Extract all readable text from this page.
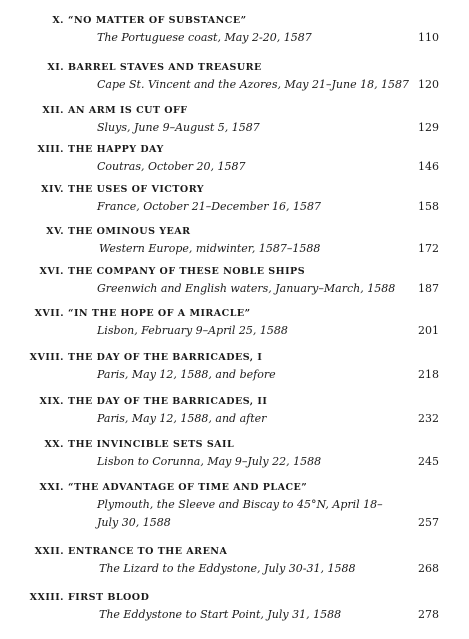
X. “NO MATTER OF SUBSTANCE”
The Portuguese coast, May 2-20, 1587	110
XI. BARREL STAVES AND TREASURE
Cape St. Vincent and the Azores, May 21–June 18, 1587 120
XII. AN ARM IS CUT OFF
Sluys, June 9–August 5, 1587	129
XIII. THE HAPPY DAY
Coutras, October 20, 1587	146
XIV. THE USES OF VICTORY
France, October 21–December 16, 1587	158
XV. THE OMINOUS YEAR
Western Europe, midwinter, 1587–1588	172
XVI. THE COMPANY OF THESE NOBLE SHIPS
Greenwich and English waters, January–March, 1588 187
XVII. “IN THE HOPE OF A MIRACLE”
Lisbon, February 9–April 25, 1588	201
XVIII. THE DAY OF THE BARRICADES, I
Paris, May 12, 1588, and before	218
XIX. THE DAY OF THE BARRICADES, II
Paris, May 12, 1588, and after	232
XX. THE INVINCIBLE SETS SAIL
Lisbon to Corunna, May 9–July 22, 1588	245
XXI. “THE ADVANTAGE OF TIME AND PLACE”
Plymouth, the Sleeve and Biscay to 45°N, April 18–
July 30, 1588	257
XXII. ENTRANCE TO THE ARENA
The Lizard to the Eddystone, July 30-31, 1588	268
XXIII. FIRST BLOOD
The Eddystone to Start Point, July 31, 1588	278
